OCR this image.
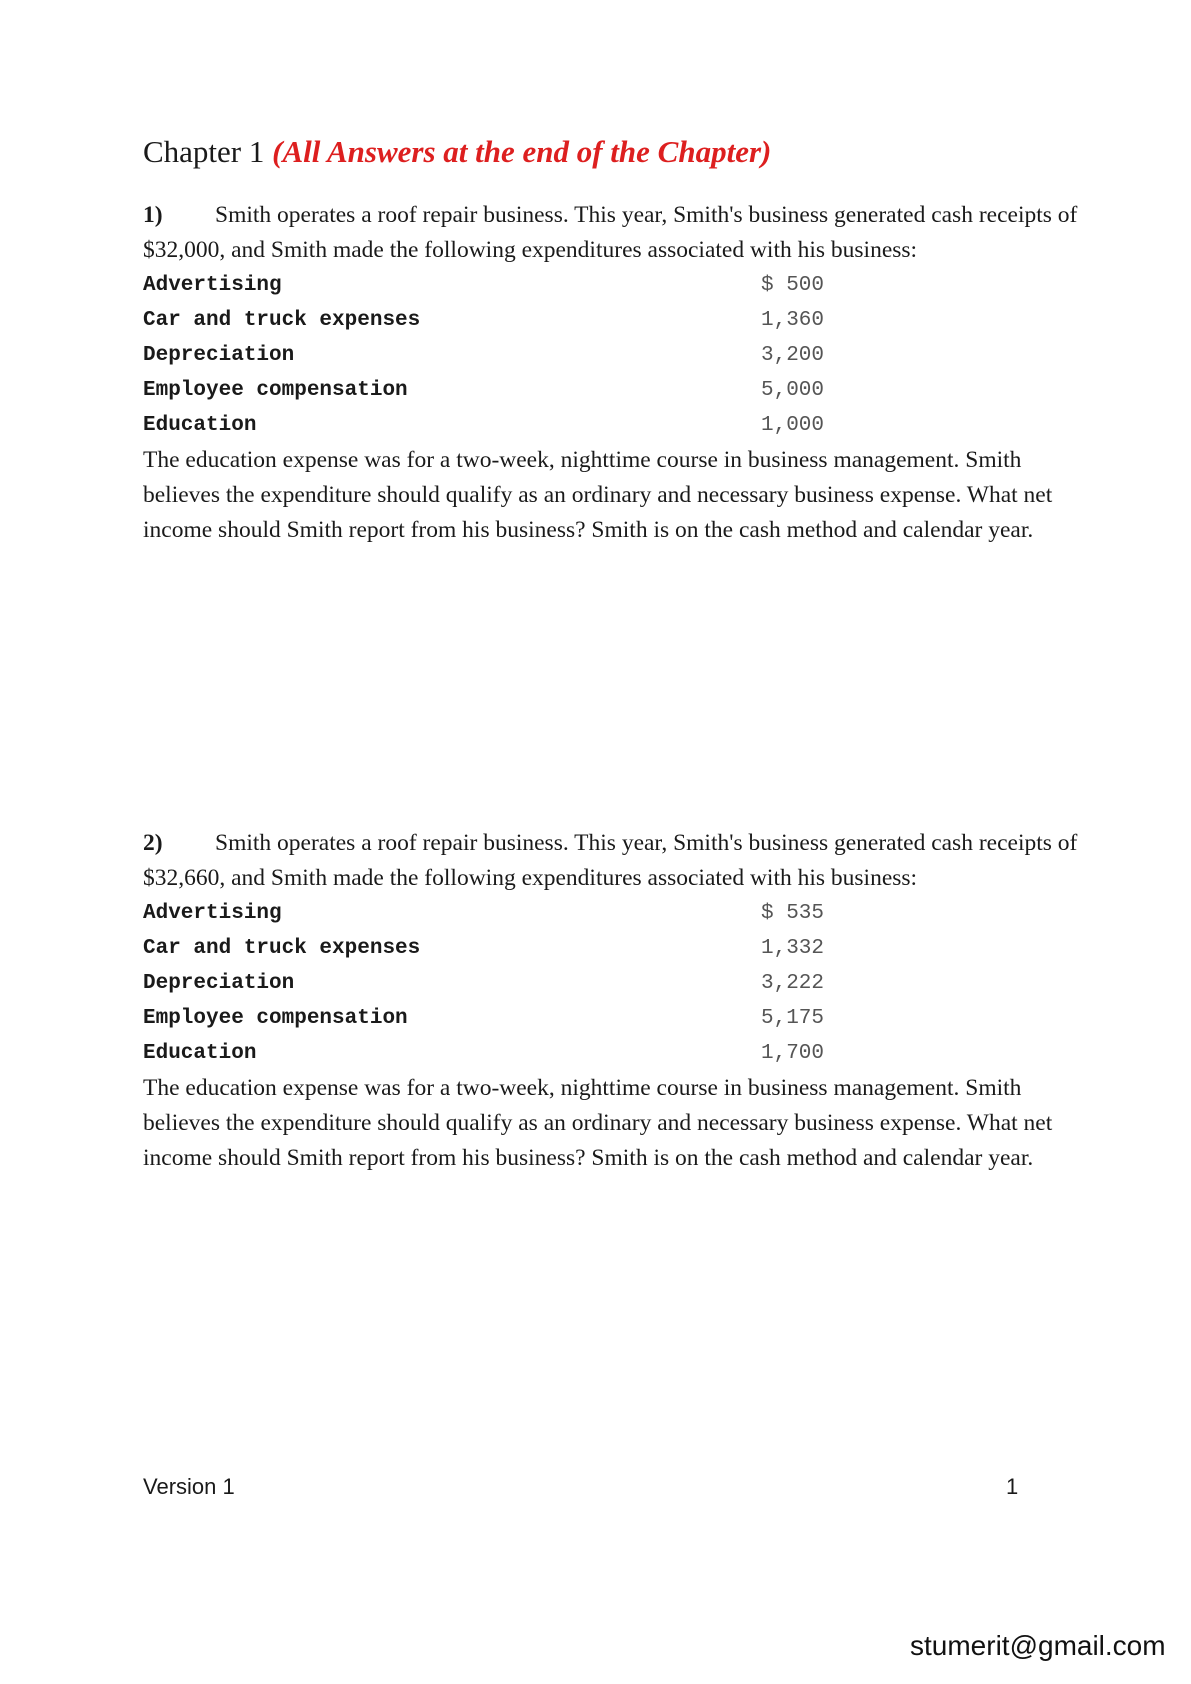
Chapter 1 (All Answers at the end of the Chapter)

1) Smith operates a roof repair business. This year, Smith's business generated cash receipts of $32,000, and Smith made the following expenditures associated with his business:

Advertising	$ 500
Car and truck expenses	1,360
Depreciation	3,200
Employee compensation	5,000
Education	1,000

The education expense was for a two-week, nighttime course in business management. Smith believes the expenditure should qualify as an ordinary and necessary business expense. What net income should Smith report from his business? Smith is on the cash method and calendar year.

2) Smith operates a roof repair business. This year, Smith's business generated cash receipts of $32,660, and Smith made the following expenditures associated with his business:

Advertising	$ 535
Car and truck expenses	1,332
Depreciation	3,222
Employee compensation	5,175
Education	1,700

The education expense was for a two-week, nighttime course in business management. Smith believes the expenditure should qualify as an ordinary and necessary business expense. What net income should Smith report from his business? Smith is on the cash method and calendar year.

Version 1	1
stumerit@gmail.com
